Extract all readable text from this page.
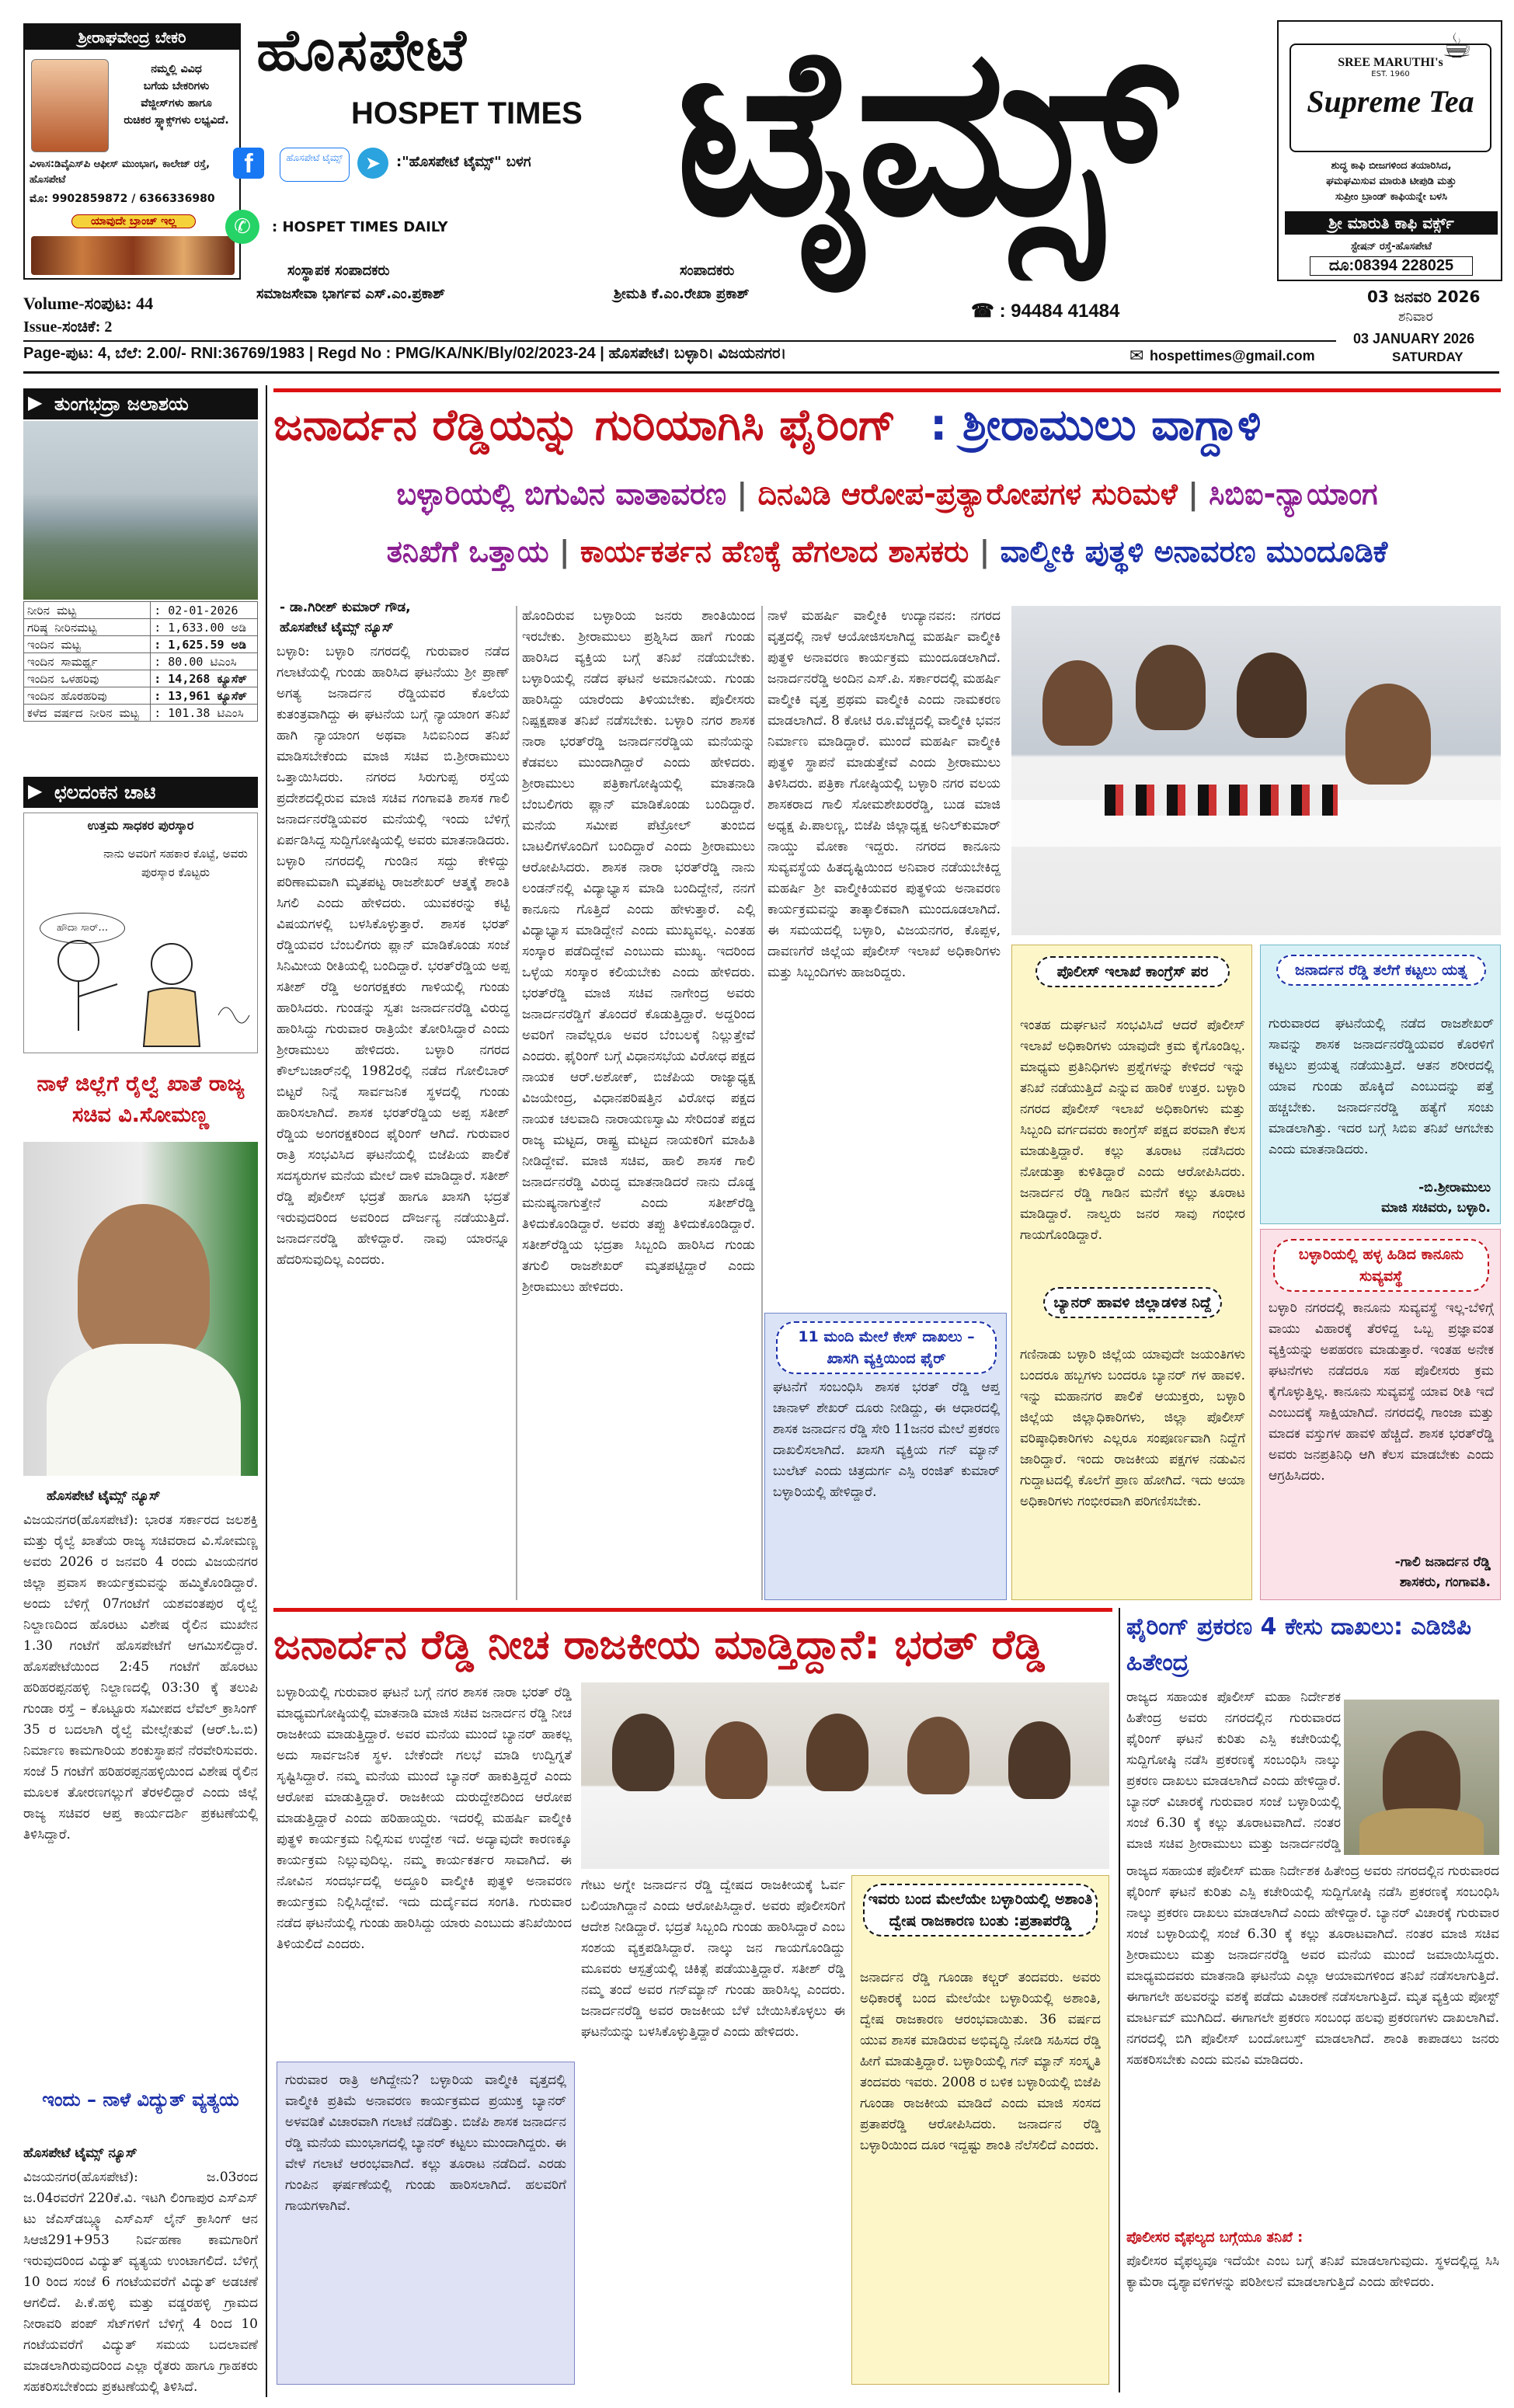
ಶ್ರೀರಾಘವೇಂದ್ರ ಬೇಕರಿ
ನಮ್ಮಲ್ಲಿ ವಿವಿಧ
ಬಗೆಯ ಬೇಕರಿಗಳು
ವೆಜ್ಜೀಸ್‌ಗಳು ಹಾಗೂ
ರುಚಿಕರ ಸ್ನ್ಯಾಕ್ಸ್‌ಗಳು ಲಭ್ಯವಿದೆ.
ವಿಳಾಸ:ಡಿವೈಎಸ್‌ಪಿ ಆಫೀಸ್ ಮುಂಭಾಗ, ಕಾಲೇಜ್ ರಸ್ತೆ, ಹೊಸಪೇಟೆ
ಮೊ: 9902859872 / 6366336980
ಯಾವುದೇ ಬ್ರಾಂಚ್ ಇಲ್ಲ
ಹೊಸಪೇಟೆ
HOSPET TIMES ಟೈಮ್ಸ್
f	ಹೊಸಪೇಟೆ ಟೈಮ್ಸ್	➤	:"ಹೊಸಪೇಟೆ ಟೈಮ್ಸ್" ಬಳಗ
✆	: HOSPET TIMES DAILY
ಸಂಸ್ಥಾಪಕ ಸಂಪಾದಕರು
ಸಮಾಜಸೇವಾ ಭಾರ್ಗವ ಎಸ್.ಎಂ.ಪ್ರಕಾಶ್
ಸಂಪಾದಕರು
ಶ್ರೀಮತಿ ಕೆ.ಎಂ.ರೇಖಾ ಪ್ರಕಾಶ್
☎ : 94484 41484
Volume-ಸಂಪುಟ: 44
Issue-ಸಂಚಿಕೆ: 2
☕
SREE MARUTHI's
EST. 1960
Supreme Tea
ಶುದ್ಧ ಕಾಫಿ ಬೀಜಗಳಿಂದ ತಯಾರಿಸಿದ,
ಘಮಘಮಿಸುವ ಮಾರುತಿ ಟೀಪುಡಿ ಮತ್ತು
ಸುಪ್ರೀಂ ಬ್ರಾಂಡ್ ಕಾಫಿಯನ್ನೇ ಬಳಸಿ
ಶ್ರೀ ಮಾರುತಿ ಕಾಫಿ ವರ್ಕ್ಸ್
ಸ್ಟೇಷನ್ ರಸ್ತೆ-ಹೊಸಪೇಟೆ
ದೂ:08394 228025
03 ಜನವರಿ 2026
ಶನಿವಾರ
03 JANUARY 2026
SATURDAY
Page-ಪುಟ: 4, ಬೆಲೆ: 2.00/- RNI:36769/1983 | Regd No : PMG/KA/NK/Bly/02/2023-24 | ಹೊಸಪೇಟೆ। ಬಳ್ಳಾರಿ। ವಿಜಯನಗರ।	✉ hospettimes@gmail.com
ತುಂಗಭದ್ರಾ ಜಲಾಶಯ
▶
ನೀರಿನ ಮಟ್ಟ	: 02-01-2026
ಗರಿಷ್ಠ ನೀರಿನಮಟ್ಟ	: 1,633.00 ಅಡಿ
ಇಂದಿನ ಮಟ್ಟ	: 1,625.59 ಅಡಿ
ಇಂದಿನ ಸಾಮರ್ಥ್ಯ	: 80.00 ಟಿಎಂಸಿ
ಇಂದಿನ ಒಳಹರಿವು	: 14,268 ಕ್ಯೂಸೆಕ್
ಇಂದಿನ ಹೊರಹರಿವು	: 13,961 ಕ್ಯೂಸೆಕ್
ಕಳೆದ ವರ್ಷದ ನೀರಿನ ಮಟ್ಟ	: 101.38 ಟಿಎಂಸಿ
ಛಲದಂಕನ ಚಾಟಿ
▶
ಉತ್ತಮ ಸಾಧಕರ ಪುರಸ್ಕಾರ
ನಾನು ಅವರಿಗೆ ಸಹಕಾರ ಕೊಟ್ಟೆ, ಅವರು ಪುರಸ್ಕಾರ ಕೊಟ್ಟರು
ಹೌದಾ ಸಾರ್...
ನಾಳೆ ಜಿಲ್ಲೆಗೆ ರೈಲ್ವೆ ಖಾತೆ ರಾಜ್ಯ ಸಚಿವ ವಿ.ಸೋಮಣ್ಣ
ಹೊಸಪೇಟೆ ಟೈಮ್ಸ್ ನ್ಯೂಸ್
ವಿಜಯನಗರ(ಹೊಸಪೇಟೆ): ಭಾರತ ಸರ್ಕಾರದ ಜಲಶಕ್ತಿ ಮತ್ತು ರೈಲ್ವೆ ಖಾತೆಯ ರಾಜ್ಯ ಸಚಿವರಾದ ವಿ.ಸೋಮಣ್ಣ ಅವರು 2026 ರ ಜನವರಿ 4 ರಂದು ವಿಜಯನಗರ ಜಿಲ್ಲಾ ಪ್ರವಾಸ ಕಾರ್ಯಕ್ರಮವನ್ನು ಹಮ್ಮಿಕೊಂಡಿದ್ದಾರೆ. ಅಂದು ಬೆಳಿಗ್ಗೆ 07ಗಂಟೆಗೆ ಯಶವಂತಪುರ ರೈಲ್ವೆ ನಿಲ್ದಾಣದಿಂದ ಹೊರಟು ವಿಶೇಷ ರೈಲಿನ ಮುಖೇನ 1.30 ಗಂಟೆಗೆ ಹೊಸಪೇಟೆಗೆ ಆಗಮಿಸಲಿದ್ದಾರೆ. ಹೊಸಪೇಟೆಯಿಂದ 2:45 ಗಂಟೆಗೆ ಹೊರಟು ಹರಿಹರಪ್ಪನಹಳ್ಳಿ ನಿಲ್ದಾಣದಲ್ಲಿ 03:30 ಕ್ಕೆ ತಲುಪಿ ಗುಂಡಾ ರಸ್ತೆ – ಕೊಟ್ಟೂರು ಸಮೀಪದ ಲೆವೆಲ್ ಕ್ರಾಸಿಂಗ್ 35 ರ ಬದಲಾಗಿ ರೈಲ್ವೆ ಮೇಲ್ಸೇತುವೆ (ಆರ್.ಓ.ಬಿ) ನಿರ್ಮಾಣ ಕಾಮಗಾರಿಯ ಶಂಕುಸ್ಥಾಪನೆ ನೆರವೇರಿಸುವರು. ಸಂಜೆ 5 ಗಂಟೆಗೆ ಹರಿಹರಪ್ಪನಹಳ್ಳಿಯಿಂದ ವಿಶೇಷ ರೈಲಿನ ಮೂಲಕ ತೋರಣಗಲ್ಲುಗೆ ತೆರಳಲಿದ್ದಾರೆ ಎಂದು ಜಿಲ್ಲೆ ರಾಜ್ಯ ಸಚಿವರ ಆಪ್ತ ಕಾರ್ಯದರ್ಶಿ ಪ್ರಕಟಣೆಯಲ್ಲಿ ತಿಳಿಸಿದ್ದಾರೆ.
ಇಂದು – ನಾಳೆ ವಿದ್ಯುತ್ ವ್ಯತ್ಯಯ
ಹೊಸಪೇಟೆ ಟೈಮ್ಸ್ ನ್ಯೂಸ್
ವಿಜಯನಗರ(ಹೊಸಪೇಟೆ): ಜ.03ರಂದ ಜ.04ರವರೆಗೆ 220ಕೆ.ವಿ. ಇಟಗಿ ಲಿಂಗಾಪುರ ಎಸ್ಎಸ್ ಟು ಜೆಎಸ್‌ಡಬ್ಲ್ಯೂ ಎಸ್ಎಸ್ ಲೈನ್ ಕ್ರಾಸಿಂಗ್ ಆನ ಸಿಆಜಿ291+953 ನಿರ್ವಹಣಾ ಕಾಮಗಾರಿಗೆ ಇರುವುದರಿಂದ ವಿದ್ಯುತ್ ವ್ಯತ್ಯಯ ಉಂಟಾಗಲಿದೆ. ಬೆಳಿಗ್ಗೆ 10 ರಿಂದ ಸಂಜೆ 6 ಗಂಟೆಯವರೆಗೆ ವಿದ್ಯುತ್ ಅಡಚಣೆ ಆಗಲಿದೆ. ಪಿ.ಕೆ.ಹಳ್ಳಿ ಮತ್ತು ವಡ್ಡರಹಳ್ಳಿ ಗ್ರಾಮದ ನೀರಾವರಿ ಪಂಪ್ ಸೆಟ್‌ಗಳಿಗೆ ಬೆಳಿಗ್ಗೆ 4 ರಿಂದ 10 ಗಂಟೆಯವರೆಗೆ ವಿದ್ಯುತ್ ಸಮಯ ಬದಲಾವಣೆ ಮಾಡಲಾಗಿರುವುದರಿಂದ ಎಲ್ಲಾ ರೈತರು ಹಾಗೂ ಗ್ರಾಹಕರು ಸಹಕರಿಸಬೇಕೆಂದು ಪ್ರಕಟಣೆಯಲ್ಲಿ ತಿಳಿಸಿದೆ.
ಜನಾರ್ದನ ರೆಡ್ಡಿಯನ್ನು ಗುರಿಯಾಗಿಸಿ ಫೈರಿಂಗ್ : ಶ್ರೀರಾಮುಲು ವಾಗ್ದಾಳಿ
ಬಳ್ಳಾರಿಯಲ್ಲಿ ಬಿಗುವಿನ ವಾತಾವರಣ | ದಿನವಿಡಿ ಆರೋಪ-ಪ್ರತ್ಯಾರೋಪಗಳ ಸುರಿಮಳೆ | ಸಿಬಿಐ-ನ್ಯಾಯಾಂಗ
ತನಿಖೆಗೆ ಒತ್ತಾಯ | ಕಾರ್ಯಕರ್ತನ ಹೆಣಕ್ಕೆ ಹೆಗಲಾದ ಶಾಸಕರು | ವಾಲ್ಮೀಕಿ ಪುತ್ಥಳಿ ಅನಾವರಣ ಮುಂದೂಡಿಕೆ
- ಡಾ.ಗಿರೀಶ್ ಕುಮಾರ್ ಗೌಡ,
ಹೊಸಪೇಟೆ ಟೈಮ್ಸ್ ನ್ಯೂಸ್
ಬಳ್ಳಾರಿ: ಬಳ್ಳಾರಿ ನಗರದಲ್ಲಿ ಗುರುವಾರ ನಡೆದ ಗಲಾಟೆಯಲ್ಲಿ ಗುಂಡು ಹಾರಿಸಿದ ಘಟನೆಯು ಶ್ರೀ ಪ್ರಾಣ್ ಅಗತ್ಯ ಜನಾರ್ದನ ರೆಡ್ಡಿಯವರ ಕೊಲೆಯ ಕುತಂತ್ರವಾಗಿದ್ದು ಈ ಘಟನೆಯ ಬಗ್ಗೆ ನ್ಯಾಯಾಂಗ ತನಿಖೆ ಹಾಗಿ ನ್ಯಾಯಾಂಗ ಅಥವಾ ಸಿಬಿಐನಿಂದ ತನಿಖೆ ಮಾಡಿಸಬೇಕೆಂದು ಮಾಜಿ ಸಚಿವ ಬಿ.ಶ್ರೀರಾಮುಲು ಒತ್ತಾಯಿಸಿದರು. ನಗರದ ಸಿರುಗುಪ್ಪ ರಸ್ತೆಯ ಪ್ರದೇಶದಲ್ಲಿರುವ ಮಾಜಿ ಸಚಿವ ಗಂಗಾವತಿ ಶಾಸಕ ಗಾಲಿ ಜನಾರ್ದನರೆಡ್ಡಿಯವರ ಮನೆಯಲ್ಲಿ ಇಂದು ಬೆಳಿಗ್ಗೆ ಏರ್ಪಡಿಸಿದ್ದ ಸುದ್ದಿಗೋಷ್ಠಿಯಲ್ಲಿ ಅವರು ಮಾತನಾಡಿದರು. ಬಳ್ಳಾರಿ ನಗರದಲ್ಲಿ ಗುಂಡಿನ ಸದ್ದು ಕೇಳಿದ್ದು ಪರಿಣಾಮವಾಗಿ ಮೃತಪಟ್ಟ ರಾಜಶೇಖರ್ ಆತ್ಮಕ್ಕೆ ಶಾಂತಿ ಸಿಗಲಿ ಎಂದು ಹೇಳಿದರು. ಯುವಕರನ್ನು ಕಟ್ಟಿ ವಿಷಯಗಳಲ್ಲಿ ಬಳಸಿಕೊಳ್ಳುತ್ತಾರೆ. ಶಾಸಕ ಭರತ್ ರೆಡ್ಡಿಯವರ ಬೆಂಬಲಿಗರು ಪ್ಲಾನ್ ಮಾಡಿಕೊಂಡು ಸಂಜೆ ಸಿನಿಮೀಯ ರೀತಿಯಲ್ಲಿ ಬಂದಿದ್ದಾರೆ. ಭರತ್‌ರೆಡ್ಡಿಯ ಅಪ್ಪ ಸತೀಶ್ ರೆಡ್ಡಿ ಅಂಗರಕ್ಷಕರು ಗಾಳಿಯಲ್ಲಿ ಗುಂಡು ಹಾರಿಸಿದರು. ಗುಂಡನ್ನು ಸ್ವತಃ ಜನಾರ್ದನರೆಡ್ಡಿ ವಿರುದ್ಧ ಹಾರಿಸಿದ್ದು ಗುರುವಾರ ರಾತ್ರಿಯೇ ತೋರಿಸಿದ್ದಾರೆ ಎಂದು ಶ್ರೀರಾಮುಲು ಹೇಳಿದರು. ಬಳ್ಳಾರಿ ನಗರದ ಕೌಲ್‌ಬಜಾರ್‌ನಲ್ಲಿ 1982ರಲ್ಲಿ ನಡೆದ ಗೋಲಿಬಾರ್ ಬಿಟ್ಟರೆ ನಿನ್ನೆ ಸಾರ್ವಜನಿಕ ಸ್ಥಳದಲ್ಲಿ ಗುಂಡು ಹಾರಿಸಲಾಗಿದೆ. ಶಾಸಕ ಭರತ್‌ರೆಡ್ಡಿಯ ಅಪ್ಪ ಸತೀಶ್ ರೆಡ್ಡಿಯ ಅಂಗರಕ್ಷಕರಿಂದ ಫೈರಿಂಗ್ ಆಗಿದೆ. ಗುರುವಾರ ರಾತ್ರಿ ಸಂಭವಿಸಿದ ಘಟನೆಯಲ್ಲಿ ಬಿಜೆಪಿಯ ಪಾಲಿಕೆ ಸದಸ್ಯರುಗಳ ಮನೆಯ ಮೇಲೆ ದಾಳಿ ಮಾಡಿದ್ದಾರೆ. ಸತೀಶ್ ರೆಡ್ಡಿ ಪೊಲೀಸ್ ಭದ್ರತೆ ಹಾಗೂ ಖಾಸಗಿ ಭದ್ರತೆ ಇರುವುದರಿಂದ ಅವರಿಂದ ದೌರ್ಜನ್ಯ ನಡೆಯುತ್ತಿದೆ. ಜನಾರ್ದನರೆಡ್ಡಿ ಹೇಳಿದ್ದಾರೆ. ನಾವು ಯಾರನ್ನೂ ಹೆದರಿಸುವುದಿಲ್ಲ ಎಂದರು.
ಹೊಂದಿರುವ ಬಳ್ಳಾರಿಯ ಜನರು ಶಾಂತಿಯಿಂದ ಇರಬೇಕು. ಶ್ರೀರಾಮುಲು ಪ್ರಶ್ನಿಸಿದ ಹಾಗೆ ಗುಂಡು ಹಾರಿಸಿದ ವ್ಯಕ್ತಿಯ ಬಗ್ಗೆ ತನಿಖೆ ನಡೆಯಬೇಕು. ಬಳ್ಳಾರಿಯಲ್ಲಿ ನಡೆದ ಘಟನೆ ಅಮಾನವೀಯ. ಗುಂಡು ಹಾರಿಸಿದ್ದು ಯಾರೆಂದು ತಿಳಿಯಬೇಕು. ಪೊಲೀಸರು ನಿಷ್ಪಕ್ಷಪಾತ ತನಿಖೆ ನಡೆಸಬೇಕು. ಬಳ್ಳಾರಿ ನಗರ ಶಾಸಕ ನಾರಾ ಭರತ್‌ರೆಡ್ಡಿ ಜನಾರ್ದನರೆಡ್ಡಿಯ ಮನೆಯನ್ನು ಕೆಡವಲು ಮುಂದಾಗಿದ್ದಾರೆ ಎಂದು ಹೇಳಿದರು. ಶ್ರೀರಾಮುಲು ಪತ್ರಿಕಾಗೋಷ್ಠಿಯಲ್ಲಿ ಮಾತನಾಡಿ ಬೆಂಬಲಿಗರು ಪ್ಲಾನ್ ಮಾಡಿಕೊಂಡು ಬಂದಿದ್ದಾರೆ. ಮನೆಯ ಸಮೀಪ ಪೆಟ್ರೋಲ್ ತುಂಬಿದ ಬಾಟಲಿಗಳೊಂದಿಗೆ ಬಂದಿದ್ದಾರೆ ಎಂದು ಶ್ರೀರಾಮುಲು ಆರೋಪಿಸಿದರು. ಶಾಸಕ ನಾರಾ ಭರತ್‌ರೆಡ್ಡಿ ನಾನು ಲಂಡನ್‌ನಲ್ಲಿ ವಿದ್ಯಾಭ್ಯಾಸ ಮಾಡಿ ಬಂದಿದ್ದೇನೆ, ನನಗೆ ಕಾನೂನು ಗೊತ್ತಿದೆ ಎಂದು ಹೇಳುತ್ತಾರೆ. ಎಲ್ಲಿ ವಿದ್ಯಾಭ್ಯಾಸ ಮಾಡಿದ್ದೇನೆ ಎಂದು ಮುಖ್ಯವಲ್ಲ. ಎಂತಹ ಸಂಸ್ಕಾರ ಪಡೆದಿದ್ದೇವೆ ಎಂಬುದು ಮುಖ್ಯ. ಇದರಿಂದ ಒಳ್ಳೆಯ ಸಂಸ್ಕಾರ ಕಲಿಯಬೇಕು ಎಂದು ಹೇಳಿದರು. ಭರತ್‌ರೆಡ್ಡಿ ಮಾಜಿ ಸಚಿವ ನಾಗೇಂದ್ರ ಅವರು ಜನಾರ್ದನರೆಡ್ಡಿಗೆ ತೊಂದರೆ ಕೊಡುತ್ತಿದ್ದಾರೆ. ಅದ್ದರಿಂದ ಅವರಿಗೆ ನಾವೆಲ್ಲರೂ ಅವರ ಬೆಂಬಲಕ್ಕೆ ನಿಲ್ಲುತ್ತೇವೆ ಎಂದರು. ಫೈರಿಂಗ್ ಬಗ್ಗೆ ವಿಧಾನಸಭೆಯ ವಿರೋಧ ಪಕ್ಷದ ನಾಯಕ ಆರ್.ಅಶೋಕ್, ಬಿಜೆಪಿಯ ರಾಜ್ಯಾಧ್ಯಕ್ಷ ವಿಜಯೇಂದ್ರ, ವಿಧಾನಪರಿಷತ್ತಿನ ವಿರೋಧ ಪಕ್ಷದ ನಾಯಕ ಚಲವಾದಿ ನಾರಾಯಣಸ್ವಾಮಿ ಸೇರಿದಂತೆ ಪಕ್ಷದ ರಾಜ್ಯ ಮಟ್ಟದ, ರಾಷ್ಟ್ರ ಮಟ್ಟದ ನಾಯಕರಿಗೆ ಮಾಹಿತಿ ನೀಡಿದ್ದೇವೆ. ಮಾಜಿ ಸಚಿವ, ಹಾಲಿ ಶಾಸಕ ಗಾಲಿ ಜನಾರ್ದನರೆಡ್ಡಿ ವಿರುದ್ಧ ಮಾತನಾಡಿದರೆ ನಾನು ದೊಡ್ಡ ಮನುಷ್ಯನಾಗುತ್ತೇನೆ ಎಂದು ಸತೀಶ್‌ರೆಡ್ಡಿ ತಿಳಿದುಕೊಂಡಿದ್ದಾರೆ. ಅವರು ತಪ್ಪು ತಿಳಿದುಕೊಂಡಿದ್ದಾರೆ. ಸತೀಶ್‌ರೆಡ್ಡಿಯ ಭದ್ರತಾ ಸಿಬ್ಬಂದಿ ಹಾರಿಸಿದ ಗುಂಡು ತಗುಲಿ ರಾಜಶೇಖರ್ ಮೃತಪಟ್ಟಿದ್ದಾರೆ ಎಂದು ಶ್ರೀರಾಮುಲು ಹೇಳಿದರು.
ನಾಳೆ ಮಹರ್ಷಿ ವಾಲ್ಮೀಕಿ ಉದ್ಯಾನವನ: ನಗರದ ವೃತ್ತದಲ್ಲಿ ನಾಳೆ ಆಯೋಜಿಸಲಾಗಿದ್ದ ಮಹರ್ಷಿ ವಾಲ್ಮೀಕಿ ಪುತ್ಥಳಿ ಅನಾವರಣ ಕಾರ್ಯಕ್ರಮ ಮುಂದೂಡಲಾಗಿದೆ. ಜನಾರ್ದನರೆಡ್ಡಿ ಅಂದಿನ ಎಸ್.ಪಿ. ಸರ್ಕಾರದಲ್ಲಿ ಮಹರ್ಷಿ ವಾಲ್ಮೀಕಿ ವೃತ್ತ ಪ್ರಥಮ ವಾಲ್ಮೀಕಿ ಎಂದು ನಾಮಕರಣ ಮಾಡಲಾಗಿದೆ. 8 ಕೋಟಿ ರೂ.ವೆಚ್ಚದಲ್ಲಿ ವಾಲ್ಮೀಕಿ ಭವನ ನಿರ್ಮಾಣ ಮಾಡಿದ್ದಾರೆ. ಮುಂದೆ ಮಹರ್ಷಿ ವಾಲ್ಮೀಕಿ ಪುತ್ಥಳಿ ಸ್ಥಾಪನೆ ಮಾಡುತ್ತೇವೆ ಎಂದು ಶ್ರೀರಾಮುಲು ತಿಳಿಸಿದರು. ಪತ್ರಿಕಾ ಗೋಷ್ಠಿಯಲ್ಲಿ ಬಳ್ಳಾರಿ ನಗರ ವಲಯ ಶಾಸಕರಾದ ಗಾಲಿ ಸೋಮಶೇಖರರೆಡ್ಡಿ, ಬುಡ ಮಾಜಿ ಅಧ್ಯಕ್ಷ ಪಿ.ಪಾಲಣ್ಣ, ಬಿಜೆಪಿ ಜಿಲ್ಲಾಧ್ಯಕ್ಷ ಅನಿಲ್‌ಕುಮಾರ್ ನಾಯ್ಡು ಮೋಕಾ ಇದ್ದರು. ನಗರದ ಕಾನೂನು ಸುವ್ಯವಸ್ಥೆಯ ಹಿತದೃಷ್ಟಿಯಿಂದ ಅನಿವಾರ ನಡೆಯಬೇಕಿದ್ದ ಮಹರ್ಷಿ ಶ್ರೀ ವಾಲ್ಮೀಕಿಯವರ ಪುತ್ಥಳಿಯ ಅನಾವರಣ ಕಾರ್ಯಕ್ರಮವನ್ನು ತಾತ್ಕಾಲಿಕವಾಗಿ ಮುಂದೂಡಲಾಗಿದೆ. ಈ ಸಮಯದಲ್ಲಿ ಬಳ್ಳಾರಿ, ವಿಜಯನಗರ, ಕೊಪ್ಪಳ, ದಾವಣಗೆರೆ ಜಿಲ್ಲೆಯ ಪೊಲೀಸ್ ಇಲಾಖೆ ಅಧಿಕಾರಿಗಳು ಮತ್ತು ಸಿಬ್ಬಂದಿಗಳು ಹಾಜರಿದ್ದರು.
11 ಮಂದಿ ಮೇಲೆ ಕೇಸ್ ದಾಖಲು – ಖಾಸಗಿ ವ್ಯಕ್ತಿಯಿಂದ ಫೈರ್
ಘಟನೆಗೆ ಸಂಬಂಧಿಸಿ ಶಾಸಕ ಭರತ್ ರೆಡ್ಡಿ ಆಪ್ತ ಚಾನಾಳ್ ಶೇಖರ್ ದೂರು ನೀಡಿದ್ದು, ಈ ಆಧಾರದಲ್ಲಿ ಶಾಸಕ ಜನಾರ್ದನ ರೆಡ್ಡಿ ಸೇರಿ 11ಜನರ ಮೇಲೆ ಪ್ರಕರಣ ದಾಖಲಿಸಲಾಗಿದೆ. ಖಾಸಗಿ ವ್ಯಕ್ತಿಯ ಗನ್ ಮ್ಯಾನ್ ಬುಲೆಟ್ ಎಂದು ಚಿತ್ರದುರ್ಗ ಎಸ್ಪಿ ರಂಜಿತ್ ಕುಮಾರ್ ಬಳ್ಳಾರಿಯಲ್ಲಿ ಹೇಳಿದ್ದಾರೆ.
ಪೊಲೀಸ್ ಇಲಾಖೆ ಕಾಂಗ್ರೆಸ್ ಪರ
ಇಂತಹ ದುರ್ಘಟನೆ ಸಂಭವಿಸಿದೆ ಆದರೆ ಪೊಲೀಸ್ ಇಲಾಖೆ ಅಧಿಕಾರಿಗಳು ಯಾವುದೇ ಕ್ರಮ ಕೈಗೊಂಡಿಲ್ಲ. ಮಾಧ್ಯಮ ಪ್ರತಿನಿಧಿಗಳು ಪ್ರಶ್ನೆಗಳನ್ನು ಕೇಳಿದರೆ ಇನ್ನು ತನಿಖೆ ನಡೆಯುತ್ತಿದೆ ಎನ್ನುವ ಹಾರಿಕೆ ಉತ್ತರ. ಬಳ್ಳಾರಿ ನಗರದ ಪೊಲೀಸ್ ಇಲಾಖೆ ಅಧಿಕಾರಿಗಳು ಮತ್ತು ಸಿಬ್ಬಂದಿ ವರ್ಗದವರು ಕಾಂಗ್ರೆಸ್ ಪಕ್ಷದ ಪರವಾಗಿ ಕೆಲಸ ಮಾಡುತ್ತಿದ್ದಾರೆ. ಕಲ್ಲು ತೂರಾಟ ನಡೆಸಿದರು ನೋಡುತ್ತಾ ಕುಳಿತಿದ್ದಾರೆ ಎಂದು ಆರೋಪಿಸಿದರು. ಜನಾರ್ದನ ರೆಡ್ಡಿ ಗಾಡಿನ ಮನೆಗೆ ಕಲ್ಲು ತೂರಾಟ ಮಾಡಿದ್ದಾರೆ. ನಾಲ್ವರು ಜನರ ಸಾವು ಗಂಭೀರ ಗಾಯಗೊಂಡಿದ್ದಾರೆ.
ಬ್ಯಾನರ್ ಹಾವಳಿ ಜಿಲ್ಲಾಡಳಿತ ನಿದ್ದೆ
ಗಣಿನಾಡು ಬಳ್ಳಾರಿ ಜಿಲ್ಲೆಯ ಯಾವುದೇ ಜಯಂತಿಗಳು ಬಂದರೂ ಹಬ್ಬಗಳು ಬಂದರೂ ಬ್ಯಾನರ್ ಗಳ ಹಾವಳಿ. ಇನ್ನು ಮಹಾನಗರ ಪಾಲಿಕೆ ಆಯುಕ್ತರು, ಬಳ್ಳಾರಿ ಜಿಲ್ಲೆಯ ಜಿಲ್ಲಾಧಿಕಾರಿಗಳು, ಜಿಲ್ಲಾ ಪೊಲೀಸ್ ವರಿಷ್ಠಾಧಿಕಾರಿಗಳು ಎಲ್ಲರೂ ಸಂಪೂರ್ಣವಾಗಿ ನಿದ್ದೆಗೆ ಜಾರಿದ್ದಾರೆ. ಇಂದು ರಾಜಕೀಯ ಪಕ್ಷಗಳ ನಡುವಿನ ಗುದ್ದಾಟದಲ್ಲಿ ಕೊಲೆಗೆ ಪ್ರಾಣ ಹೋಗಿದೆ. ಇದು ಆಯಾ ಅಧಿಕಾರಿಗಳು ಗಂಭೀರವಾಗಿ ಪರಿಗಣಿಸಬೇಕು.
ಜನಾರ್ದನ ರೆಡ್ಡಿ ತಲೆಗೆ ಕಟ್ಟಲು ಯತ್ನ
ಗುರುವಾರದ ಘಟನೆಯಲ್ಲಿ ನಡೆದ ರಾಜಶೇಖರ್ ಸಾವನ್ನು ಶಾಸಕ ಜನಾರ್ದನರೆಡ್ಡಿಯವರ ಕೊರಳಿಗೆ ಕಟ್ಟಲು ಪ್ರಯತ್ನ ನಡೆಯುತ್ತಿದೆ. ಆತನ ಶರೀರದಲ್ಲಿ ಯಾವ ಗುಂಡು ಹೊಕ್ಕಿದೆ ಎಂಬುದನ್ನು ಪತ್ತೆ ಹಚ್ಚಬೇಕು. ಜನಾರ್ದನರೆಡ್ಡಿ ಹತ್ಯೆಗೆ ಸಂಚು ಮಾಡಲಾಗಿತ್ತು. ಇದರ ಬಗ್ಗೆ ಸಿಬಿಐ ತನಿಖೆ ಆಗಬೇಕು ಎಂದು ಮಾತನಾಡಿದರು.
-ಬಿ.ಶ್ರೀರಾಮುಲು
ಮಾಜಿ ಸಚಿವರು, ಬಳ್ಳಾರಿ.
ಬಳ್ಳಾರಿಯಲ್ಲಿ ಹಳ್ಳ ಹಿಡಿದ ಕಾನೂನು ಸುವ್ಯವಸ್ಥೆ
ಬಳ್ಳಾರಿ ನಗರದಲ್ಲಿ ಕಾನೂನು ಸುವ್ಯವಸ್ಥೆ ಇಲ್ಲ-ಬೆಳಿಗ್ಗೆ ವಾಯು ವಿಹಾರಕ್ಕೆ ತೆರಳಿದ್ದ ಒಬ್ಬ ಪ್ರಜ್ಞಾವಂತ ವ್ಯಕ್ತಿಯನ್ನು ಅಪಹರಣ ಮಾಡುತ್ತಾರೆ. ಇಂತಹ ಅನೇಕ ಘಟನೆಗಳು ನಡೆದರೂ ಸಹ ಪೊಲೀಸರು ಕ್ರಮ ಕೈಗೊಳ್ಳುತ್ತಿಲ್ಲ. ಕಾನೂನು ಸುವ್ಯವಸ್ಥೆ ಯಾವ ರೀತಿ ಇದೆ ಎಂಬುದಕ್ಕೆ ಸಾಕ್ಷಿಯಾಗಿದೆ. ನಗರದಲ್ಲಿ ಗಾಂಜಾ ಮತ್ತು ಮಾದಕ ವಸ್ತುಗಳ ಹಾವಳಿ ಹೆಚ್ಚಿದೆ. ಶಾಸಕ ಭರತ್‌ರೆಡ್ಡಿ ಅವರು ಜನಪ್ರತಿನಿಧಿ ಆಗಿ ಕೆಲಸ ಮಾಡಬೇಕು ಎಂದು ಆಗ್ರಹಿಸಿದರು.
-ಗಾಲಿ ಜನಾರ್ದನ ರೆಡ್ಡಿ
ಶಾಸಕರು, ಗಂಗಾವತಿ.
ಜನಾರ್ದನ ರೆಡ್ಡಿ ನೀಚ ರಾಜಕೀಯ ಮಾಡ್ತಿದ್ದಾನೆ: ಭರತ್ ರೆಡ್ಡಿ
ಬಳ್ಳಾರಿಯಲ್ಲಿ ಗುರುವಾರ ಘಟನೆ ಬಗ್ಗೆ ನಗರ ಶಾಸಕ ನಾರಾ ಭರತ್ ರೆಡ್ಡಿ ಮಾಧ್ಯಮಗೋಷ್ಠಿಯಲ್ಲಿ ಮಾತನಾಡಿ ಮಾಜಿ ಸಚಿವ ಜನಾರ್ದನ ರೆಡ್ಡಿ ನೀಚ ರಾಜಕೀಯ ಮಾಡುತ್ತಿದ್ದಾರೆ. ಅವರ ಮನೆಯ ಮುಂದೆ ಬ್ಯಾನರ್ ಹಾಕಲ್ಲ ಅದು ಸಾರ್ವಜನಿಕ ಸ್ಥಳ. ಬೇಕೆಂದೇ ಗಲಭೆ ಮಾಡಿ ಉದ್ವಿಗ್ನತೆ ಸೃಷ್ಟಿಸಿದ್ದಾರೆ. ನಮ್ಮ ಮನೆಯ ಮುಂದೆ ಬ್ಯಾನರ್ ಹಾಕುತ್ತಿದ್ದರೆ ಎಂದು ಆರೋಪ ಮಾಡುತ್ತಿದ್ದಾರೆ. ರಾಜಕೀಯ ದುರುದ್ದೇಶದಿಂದ ಆರೋಪ ಮಾಡುತ್ತಿದ್ದಾರೆ ಎಂದು ಹರಿಹಾಯ್ದರು. ಇದರಲ್ಲಿ ಮಹರ್ಷಿ ವಾಲ್ಮೀಕಿ ಪುತ್ಥಳಿ ಕಾರ್ಯಕ್ರಮ ನಿಲ್ಲಿಸುವ ಉದ್ದೇಶ ಇದೆ. ಅದ್ಯಾವುದೇ ಕಾರಣಕ್ಕೂ ಕಾರ್ಯಕ್ರಮ ನಿಲ್ಲುವುದಿಲ್ಲ. ನಮ್ಮ ಕಾರ್ಯಕರ್ತರ ಸಾವಾಗಿದೆ. ಈ ನೋವಿನ ಸಂದರ್ಭದಲ್ಲಿ ಅದ್ದೂರಿ ವಾಲ್ಮೀಕಿ ಪುತ್ಥಳಿ ಅನಾವರಣ ಕಾರ್ಯಕ್ರಮ ನಿಲ್ಲಿಸಿದ್ದೇವೆ. ಇದು ದುರ್ದೈವದ ಸಂಗತಿ. ಗುರುವಾರ ನಡೆದ ಘಟನೆಯಲ್ಲಿ ಗುಂಡು ಹಾರಿಸಿದ್ದು ಯಾರು ಎಂಬುದು ತನಿಖೆಯಿಂದ ತಿಳಿಯಲಿದೆ ಎಂದರು.
ಗೇಟು ಅಗ್ನೇ ಜನಾರ್ದನ ರೆಡ್ಡಿ ದ್ವೇಷದ ರಾಜಕೀಯಕ್ಕೆ ಓರ್ವ ಬಲಿಯಾಗಿದ್ದಾನೆ ಎಂದು ಆರೋಪಿಸಿದ್ದಾರೆ. ಅವರು ಪೊಲೀಸರಿಗೆ ಆದೇಶ ನೀಡಿದ್ದಾರೆ. ಭದ್ರತೆ ಸಿಬ್ಬಂದಿ ಗುಂಡು ಹಾರಿಸಿದ್ದಾರೆ ಎಂಬ ಸಂಶಯ ವ್ಯಕ್ತಪಡಿಸಿದ್ದಾರೆ. ನಾಲ್ಕು ಜನ ಗಾಯಗೊಂಡಿದ್ದು ಮೂವರು ಆಸ್ಪತ್ರೆಯಲ್ಲಿ ಚಿಕಿತ್ಸೆ ಪಡೆಯುತ್ತಿದ್ದಾರೆ. ಸತೀಶ್ ರೆಡ್ಡಿ ನಮ್ಮ ತಂದೆ ಅವರ ಗನ್‌ಮ್ಯಾನ್ ಗುಂಡು ಹಾರಿಸಿಲ್ಲ ಎಂದರು. ಜನಾರ್ದನರೆಡ್ಡಿ ಅವರ ರಾಜಕೀಯ ಬೆಳೆ ಬೇಯಿಸಿಕೊಳ್ಳಲು ಈ ಘಟನೆಯನ್ನು ಬಳಸಿಕೊಳ್ಳುತ್ತಿದ್ದಾರೆ ಎಂದು ಹೇಳಿದರು.
ಇವರು ಬಂದ ಮೇಲೆಯೇ ಬಳ್ಳಾರಿಯಲ್ಲಿ ಅಶಾಂತಿ ದ್ವೇಷ ರಾಜಕಾರಣ ಬಂತು :ಪ್ರತಾಪರೆಡ್ಡಿ
ಜನಾರ್ದನ ರೆಡ್ಡಿ ಗೂಂಡಾ ಕಲ್ಚರ್ ತಂದವರು. ಅವರು ಅಧಿಕಾರಕ್ಕೆ ಬಂದ ಮೇಲೆಯೇ ಬಳ್ಳಾರಿಯಲ್ಲಿ ಅಶಾಂತಿ, ದ್ವೇಷ ರಾಜಕಾರಣ ಆರಂಭವಾಯಿತು. 36 ವರ್ಷದ ಯುವ ಶಾಸಕ ಮಾಡಿರುವ ಅಭಿವೃದ್ಧಿ ನೋಡಿ ಸಹಿಸದ ರೆಡ್ಡಿ ಹೀಗೆ ಮಾಡುತ್ತಿದ್ದಾರೆ. ಬಳ್ಳಾರಿಯಲ್ಲಿ ಗನ್ ಮ್ಯಾನ್ ಸಂಸ್ಕೃತಿ ತಂದವರು ಇವರು. 2008 ರ ಬಳಿಕ ಬಳ್ಳಾರಿಯಲ್ಲಿ ಬಿಜೆಪಿ ಗೂಂಡಾ ರಾಜಕೀಯ ಮಾಡಿದೆ ಎಂದು ಮಾಜಿ ಸಂಸದ ಪ್ರತಾಪರೆಡ್ಡಿ ಆರೋಪಿಸಿದರು. ಜನಾರ್ದನ ರೆಡ್ಡಿ ಬಳ್ಳಾರಿಯಿಂದ ದೂರ ಇದ್ದಷ್ಟು ಶಾಂತಿ ನೆಲೆಸಲಿದೆ ಎಂದರು.
ಗುರುವಾರ ರಾತ್ರಿ ಅಗಿದ್ದೇನು? ಬಳ್ಳಾರಿಯ ವಾಲ್ಮೀಕಿ ವೃತ್ತದಲ್ಲಿ ವಾಲ್ಮೀಕಿ ಪ್ರತಿಮೆ ಅನಾವರಣ ಕಾರ್ಯಕ್ರಮದ ಪ್ರಯುಕ್ತ ಬ್ಯಾನರ್ ಅಳವಡಿಕೆ ವಿಚಾರವಾಗಿ ಗಲಾಟೆ ನಡೆದಿತ್ತು. ಬಿಜೆಪಿ ಶಾಸಕ ಜನಾರ್ದನ ರೆಡ್ಡಿ ಮನೆಯ ಮುಂಭಾಗದಲ್ಲಿ ಬ್ಯಾನರ್ ಕಟ್ಟಲು ಮುಂದಾಗಿದ್ದರು. ಈ ವೇಳೆ ಗಲಾಟೆ ಆರಂಭವಾಗಿದೆ. ಕಲ್ಲು ತೂರಾಟ ನಡೆದಿದೆ. ಎರಡು ಗುಂಪಿನ ಘರ್ಷಣೆಯಲ್ಲಿ ಗುಂಡು ಹಾರಿಸಲಾಗಿದೆ. ಹಲವರಿಗೆ ಗಾಯಗಳಾಗಿವೆ.
ಫೈರಿಂಗ್ ಪ್ರಕರಣ 4 ಕೇಸು ದಾಖಲು: ಎಡಿಜಿಪಿ ಹಿತೇಂದ್ರ
ರಾಜ್ಯದ ಸಹಾಯಕ ಪೊಲೀಸ್ ಮಹಾ ನಿರ್ದೇಶಕ ಹಿತೇಂದ್ರ ಅವರು ನಗರದಲ್ಲಿನ ಗುರುವಾರದ ಫೈರಿಂಗ್ ಘಟನೆ ಕುರಿತು ಎಸ್ಪಿ ಕಚೇರಿಯಲ್ಲಿ ಸುದ್ದಿಗೋಷ್ಠಿ ನಡೆಸಿ ಪ್ರಕರಣಕ್ಕೆ ಸಂಬಂಧಿಸಿ ನಾಲ್ಕು ಪ್ರಕರಣ ದಾಖಲು ಮಾಡಲಾಗಿದೆ ಎಂದು ಹೇಳಿದ್ದಾರೆ. ಬ್ಯಾನರ್ ವಿಚಾರಕ್ಕೆ ಗುರುವಾರ ಸಂಜೆ ಬಳ್ಳಾರಿಯಲ್ಲಿ ಸಂಜೆ 6.30 ಕ್ಕೆ ಕಲ್ಲು ತೂರಾಟವಾಗಿದೆ. ನಂತರ ಮಾಜಿ ಸಚಿವ ಶ್ರೀರಾಮುಲು ಮತ್ತು ಜನಾರ್ದನರೆಡ್ಡಿ
ರಾಜ್ಯದ ಸಹಾಯಕ ಪೊಲೀಸ್ ಮಹಾ ನಿರ್ದೇಶಕ ಹಿತೇಂದ್ರ ಅವರು ನಗರದಲ್ಲಿನ ಗುರುವಾರದ ಫೈರಿಂಗ್ ಘಟನೆ ಕುರಿತು ಎಸ್ಪಿ ಕಚೇರಿಯಲ್ಲಿ ಸುದ್ದಿಗೋಷ್ಠಿ ನಡೆಸಿ ಪ್ರಕರಣಕ್ಕೆ ಸಂಬಂಧಿಸಿ ನಾಲ್ಕು ಪ್ರಕರಣ ದಾಖಲು ಮಾಡಲಾಗಿದೆ ಎಂದು ಹೇಳಿದ್ದಾರೆ. ಬ್ಯಾನರ್ ವಿಚಾರಕ್ಕೆ ಗುರುವಾರ ಸಂಜೆ ಬಳ್ಳಾರಿಯಲ್ಲಿ ಸಂಜೆ 6.30 ಕ್ಕೆ ಕಲ್ಲು ತೂರಾಟವಾಗಿದೆ. ನಂತರ ಮಾಜಿ ಸಚಿವ ಶ್ರೀರಾಮುಲು ಮತ್ತು ಜನಾರ್ದನರೆಡ್ಡಿ ಅವರ ಮನೆಯ ಮುಂದೆ ಜಮಾಯಿಸಿದ್ದರು. ಮಾಧ್ಯಮದವರು ಮಾತನಾಡಿ ಘಟನೆಯ ಎಲ್ಲಾ ಆಯಾಮಗಳಿಂದ ತನಿಖೆ ನಡೆಸಲಾಗುತ್ತಿದೆ. ಈಗಾಗಲೇ ಹಲವರನ್ನು ವಶಕ್ಕೆ ಪಡೆದು ವಿಚಾರಣೆ ನಡೆಸಲಾಗುತ್ತಿದೆ. ಮೃತ ವ್ಯಕ್ತಿಯ ಪೋಸ್ಟ್ ಮಾರ್ಟಮ್ ಮುಗಿದಿದೆ. ಈಗಾಗಲೇ ಪ್ರಕರಣ ಸಂಬಂಧ ಹಲವು ಪ್ರಕರಣಗಳು ದಾಖಲಾಗಿವೆ. ನಗರದಲ್ಲಿ ಬಿಗಿ ಪೊಲೀಸ್ ಬಂದೋಬಸ್ತ್ ಮಾಡಲಾಗಿದೆ. ಶಾಂತಿ ಕಾಪಾಡಲು ಜನರು ಸಹಕರಿಸಬೇಕು ಎಂದು ಮನವಿ ಮಾಡಿದರು.
ಪೊಲೀಸರ ವೈಫಲ್ಯದ ಬಗ್ಗೆಯೂ ತನಿಖೆ :
ಪೊಲೀಸರ ವೈಫಲ್ಯವೂ ಇದೆಯೇ ಎಂಬ ಬಗ್ಗೆ ತನಿಖೆ ಮಾಡಲಾಗುವುದು. ಸ್ಥಳದಲ್ಲಿದ್ದ ಸಿಸಿ ಕ್ಯಾಮೆರಾ ದೃಶ್ಯಾವಳಿಗಳನ್ನು ಪರಿಶೀಲನೆ ಮಾಡಲಾಗುತ್ತಿದೆ ಎಂದು ಹೇಳಿದರು.
